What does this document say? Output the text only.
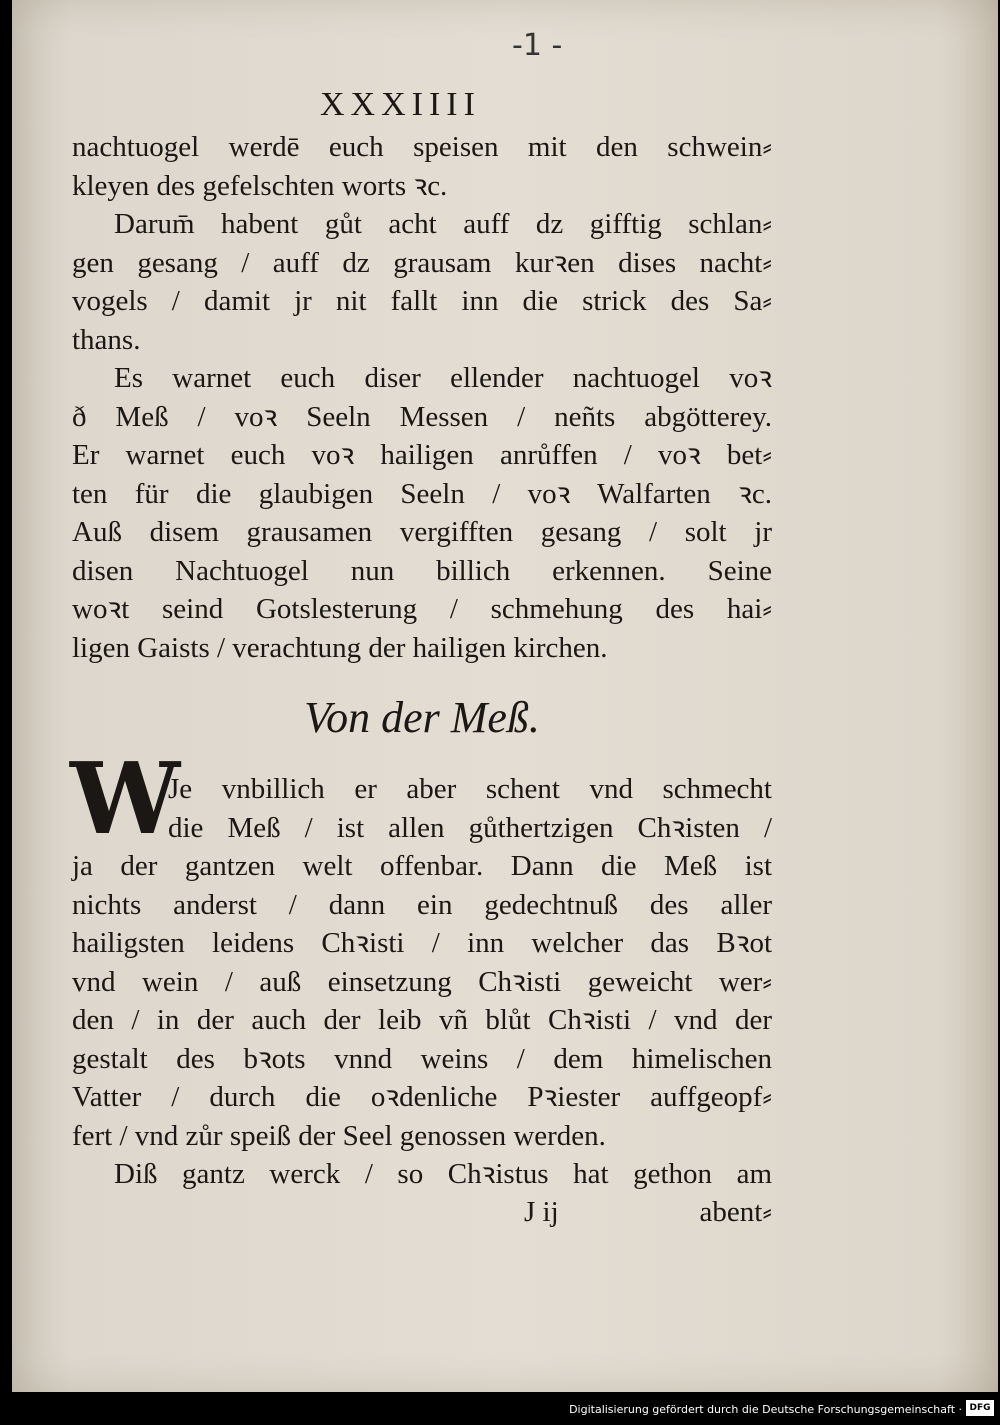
-1 -
XXXIIII
nachtuogel werdē euch speisen mit den schwein⸗
kleyen des gefelschten worts ꝛc.
Darum̄ habent gůt acht auff dz gifftig schlan⸗
gen gesang / auff dz grausam kurꝛen dises nacht⸗
vogels / damit jr nit fallt inn die strick des Sa⸗
thans.
Es warnet euch diser ellender nachtuogel voꝛ
ð Meß / voꝛ Seeln Messen / neñts abgötterey.
Er warnet euch voꝛ hailigen anrůffen / voꝛ bet⸗
ten für die glaubigen Seeln / voꝛ Walfarten ꝛc.
Auß disem grausamen vergifften gesang / solt jr
disen Nachtuogel nun billich erkennen. Seine
woꝛt seind Gotslesterung / schmehung des hai⸗
ligen Gaists / verachtung der hailigen kirchen.
Von der Meß.
W
Je vnbillich er aber schent vnd schmecht
die Meß / ist allen gůthertzigen Chꝛisten /
ja der gantzen welt offenbar. Dann die Meß ist
nichts anderst / dann ein gedechtnuß des aller
hailigsten leidens Chꝛisti / inn welcher das Bꝛot
vnd wein / auß einsetzung Chꝛisti geweicht wer⸗
den / in der auch der leib vñ blůt Chꝛisti / vnd der
gestalt des bꝛots vnnd weins / dem himelischen
Vatter / durch die oꝛdenliche Pꝛiester auffgeopf⸗
fert / vnd zůr speiß der Seel genossen werden.
Diß gantz werck / so Chꝛistus hat gethon am
J ij	abent⸗
Digitalisierung gefördert durch die Deutsche Forschungsgemeinschaft · DFG
